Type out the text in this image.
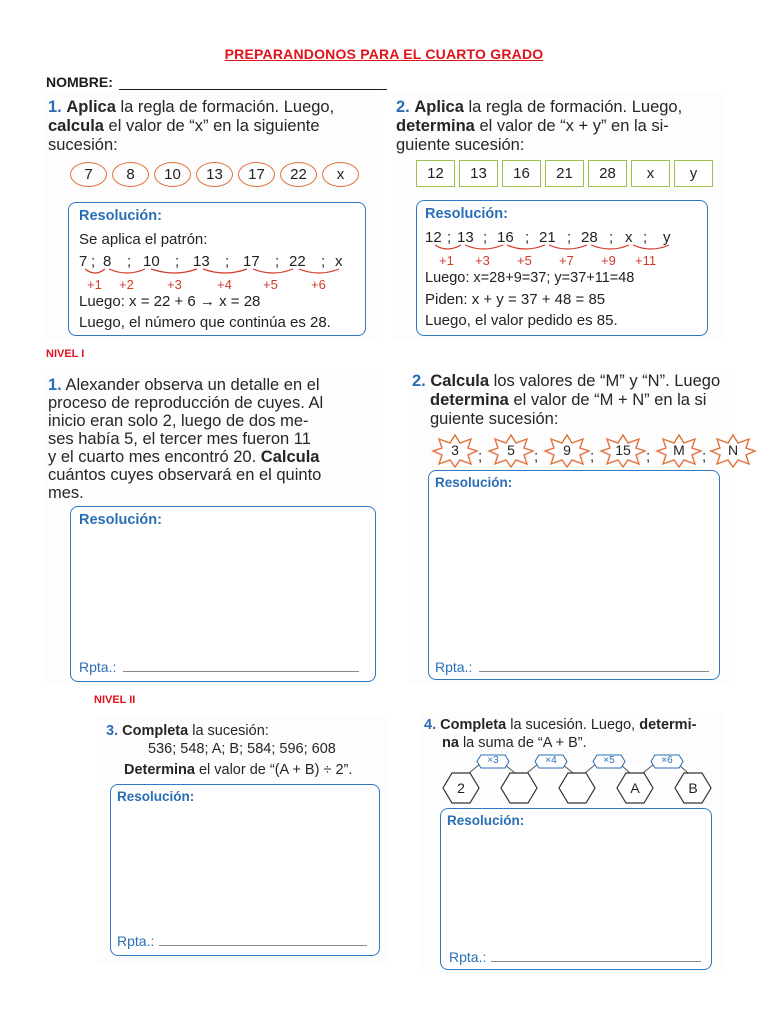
PREPARANDONOS PARA EL CUARTO GRADO
NOMBRE:
1. Aplica la regla de formación. Luego,
calcula el valor de “x” en la siguiente
sucesión:
7	8	10	13	17	22	x
Resolución:
Se aplica el patrón:
7 ; 8 ; 10 ; 13 ; 17 ; 22 ; x
+1 +2	+3	+4 +5	+6
Luego: x = 22 + 6 → x = 28
Luego, el número que continúa es 28.
2. Aplica la regla de formación. Luego,
determina el valor de “x + y” en la si-
guiente sucesión:
12	13	16	21	28	x	y
Resolución:
12 ; 13 ; 16 ; 21 ; 28 ; x ; y
+1 +3 +5 +7 +9 +11
Luego: x=28+9=37; y=37+11=48
Piden: x + y = 37 + 48 = 85
Luego, el valor pedido es 85.
NIVEL I
1. Alexander observa un detalle en el
proceso de reproducción de cuyes. Al
inicio eran solo 2, luego de dos me-
ses había 5, el tercer mes fueron 11
y el cuarto mes encontró 20. Calcula
cuántos cuyes observará en el quinto
mes.
Resolución:
Rpta.:
2. Calcula los valores de “M” y “N”. Luego
determina el valor de “M + N” en la si
guiente sucesión:
3	;	5	;	9	;	15	;	M	;	N
Resolución:
Rpta.:
NIVEL II
3. Completa la sucesión:
536; 548; A; B; 584; 596; 608
Determina el valor de “(A + B) ÷ 2”.
Resolución:
Rpta.:
4. Completa la sucesión. Luego, determi-
na la suma de “A + B”.
×3	×4	×5	×6
2	A	B
Resolución:
Rpta.:
